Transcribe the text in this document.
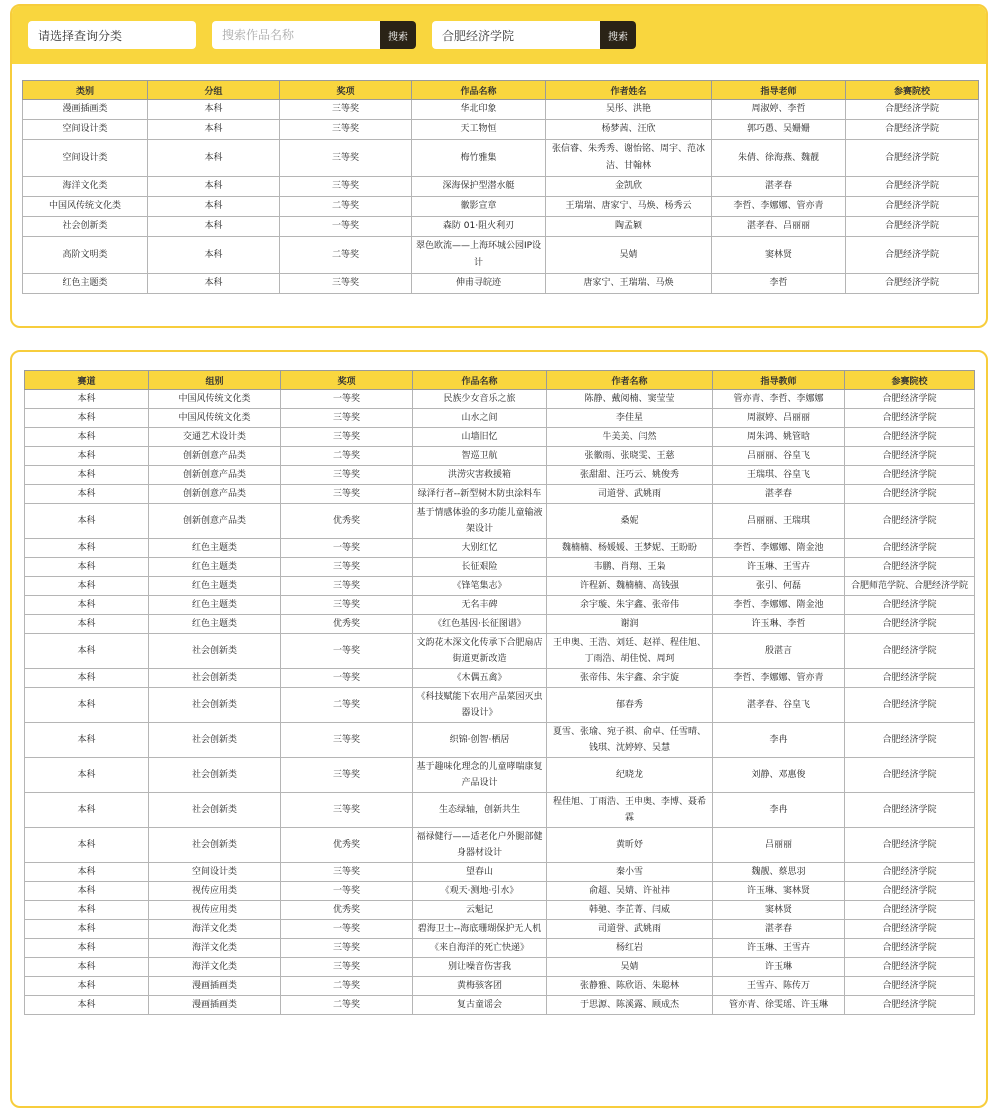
请选择查询分类
搜索作品名称	搜索
合肥经济学院	搜索
类别	分组	奖项	作品名称	作者姓名	指导老师	参赛院校
漫画插画类	本科	三等奖	华北印象	吴彤、洪艳	周淑婷、李哲	合肥经济学院
空间设计类	本科	三等奖	天工物恒	杨梦茜、汪欣	郭巧愚、吴姗姗	合肥经济学院
空间设计类	本科	三等奖	梅竹雅集	张信睿、朱秀秀、谢怡铭、周宇、范冰洁、甘翰林	朱倩、徐海燕、魏靓	合肥经济学院
海洋文化类	本科	三等奖	深海保护型潜水艇	金凯欣	湛孝春	合肥经济学院
中国风传统文化类	本科	二等奖	徽影宣章	王瑞瑞、唐家宁、马焕、杨秀云	李哲、李娜娜、管亦青	合肥经济学院
社会创新类	本科	一等奖	森防 01·阻火利刃	陶孟颖	湛孝春、吕丽丽	合肥经济学院
高阶文明类	本科	二等奖	翠色欧流——上海环城公园IP设计	吴婧	窦林贤	合肥经济学院
红色主题类	本科	三等奖	伸甫寻皖迹	唐家宁、王瑞瑞、马焕	李哲	合肥经济学院
赛道	组别	奖项	作品名称	作者名称	指导教师	参赛院校
本科	中国风传统文化类	一等奖	民族少女音乐之旅	陈静、戴阅楠、窦莹莹	管亦青、李哲、李娜娜	合肥经济学院
本科	中国风传统文化类	三等奖	山水之间	李佳星	周淑婷、吕丽丽	合肥经济学院
本科	交通艺术设计类	三等奖	山墙旧忆	牛美美、闫然	周朱鸿、姚管晗	合肥经济学院
本科	创新创意产品类	二等奖	智巡卫航	张徽雨、张晓雯、王慈	吕丽丽、谷皇飞	合肥经济学院
本科	创新创意产品类	三等奖	洪涝灾害救援箱	张甜甜、汪巧云、姚俊秀	王瑞琪、谷皇飞	合肥经济学院
本科	创新创意产品类	三等奖	绿泽行者--新型树木防虫涂料车	司道誉、武姚雨	湛孝春	合肥经济学院
本科	创新创意产品类	优秀奖	基于情感体验的多功能儿童输液架设计	桑妮	吕丽丽、王瑞琪	合肥经济学院
本科	红色主题类	一等奖	大别红忆	魏楠楠、杨媛媛、王梦妮、王盼盼	李哲、李娜娜、隋金池	合肥经济学院
本科	红色主题类	三等奖	长征艰险	韦鹏、肖翔、王枭	许玉琳、王雪卉	合肥经济学院
本科	红色主题类	三等奖	《锋笔集志》	许程新、魏楠楠、高钱强	张引、何磊	合肥师范学院、合肥经济学院
本科	红色主题类	三等奖	无名丰碑	余宇璇、朱宇鑫、张帝伟	李哲、李娜娜、隋金池	合肥经济学院
本科	红色主题类	优秀奖	《红色基因·长征图谱》	谢润	许玉琳、李哲	合肥经济学院
本科	社会创新类	一等奖	文韵花木深文化传承下合肥扇店街道更新改造	王申奥、王浩、刘廷、赵祥、程佳旭、丁雨浩、胡佳悦、周珂	殷湛言	合肥经济学院
本科	社会创新类	一等奖	《木偶五禽》	张帝伟、朱宇鑫、余宇旋	李哲、李娜娜、管亦青	合肥经济学院
本科	社会创新类	二等奖	《科技赋能下农用产品菜园灭虫器设计》	郁春秀	湛孝春、谷皇飞	合肥经济学院
本科	社会创新类	三等奖	织锦·创智·栖居	夏雪、张瑜、宛子祺、俞卓、任雪晴、钱琪、沈婷婷、吴慧	李冉	合肥经济学院
本科	社会创新类	三等奖	基于趣味化理念的儿童哮喘康复产品设计	纪晓龙	刘静、邓惠俊	合肥经济学院
本科	社会创新类	三等奖	生态绿轴，创新共生	程佳旭、丁雨浩、王申奥、李博、聂希霖	李冉	合肥经济学院
本科	社会创新类	优秀奖	福禄健行——适老化户外腿部健身器材设计	黄昕妤	吕丽丽	合肥经济学院
本科	空间设计类	三等奖	望春山	秦小雪	魏靓、蔡思羽	合肥经济学院
本科	视传应用类	一等奖	《观天·测地·引水》	俞超、吴婧、许祉祎	许玉琳、窦林贤	合肥经济学院
本科	视传应用类	优秀奖	云魁记	韩驰、李芷菁、闫威	窦林贤	合肥经济学院
本科	海洋文化类	一等奖	碧海卫士--海底珊瑚保护无人机	司道誉、武姚雨	湛孝春	合肥经济学院
本科	海洋文化类	三等奖	《来自海洋的死亡快递》	杨红岩	许玉琳、王雪卉	合肥经济学院
本科	海洋文化类	三等奖	别让噪音伤害我	吴婧	许玉琳	合肥经济学院
本科	漫画插画类	二等奖	黄梅骇客团	张静雅、陈欣语、朱聪林	王雪卉、陈传万	合肥经济学院
本科	漫画插画类	二等奖	复古童谣会	于思源、陈溪露、顾成杰	管亦青、徐雯瑶、许玉琳	合肥经济学院
